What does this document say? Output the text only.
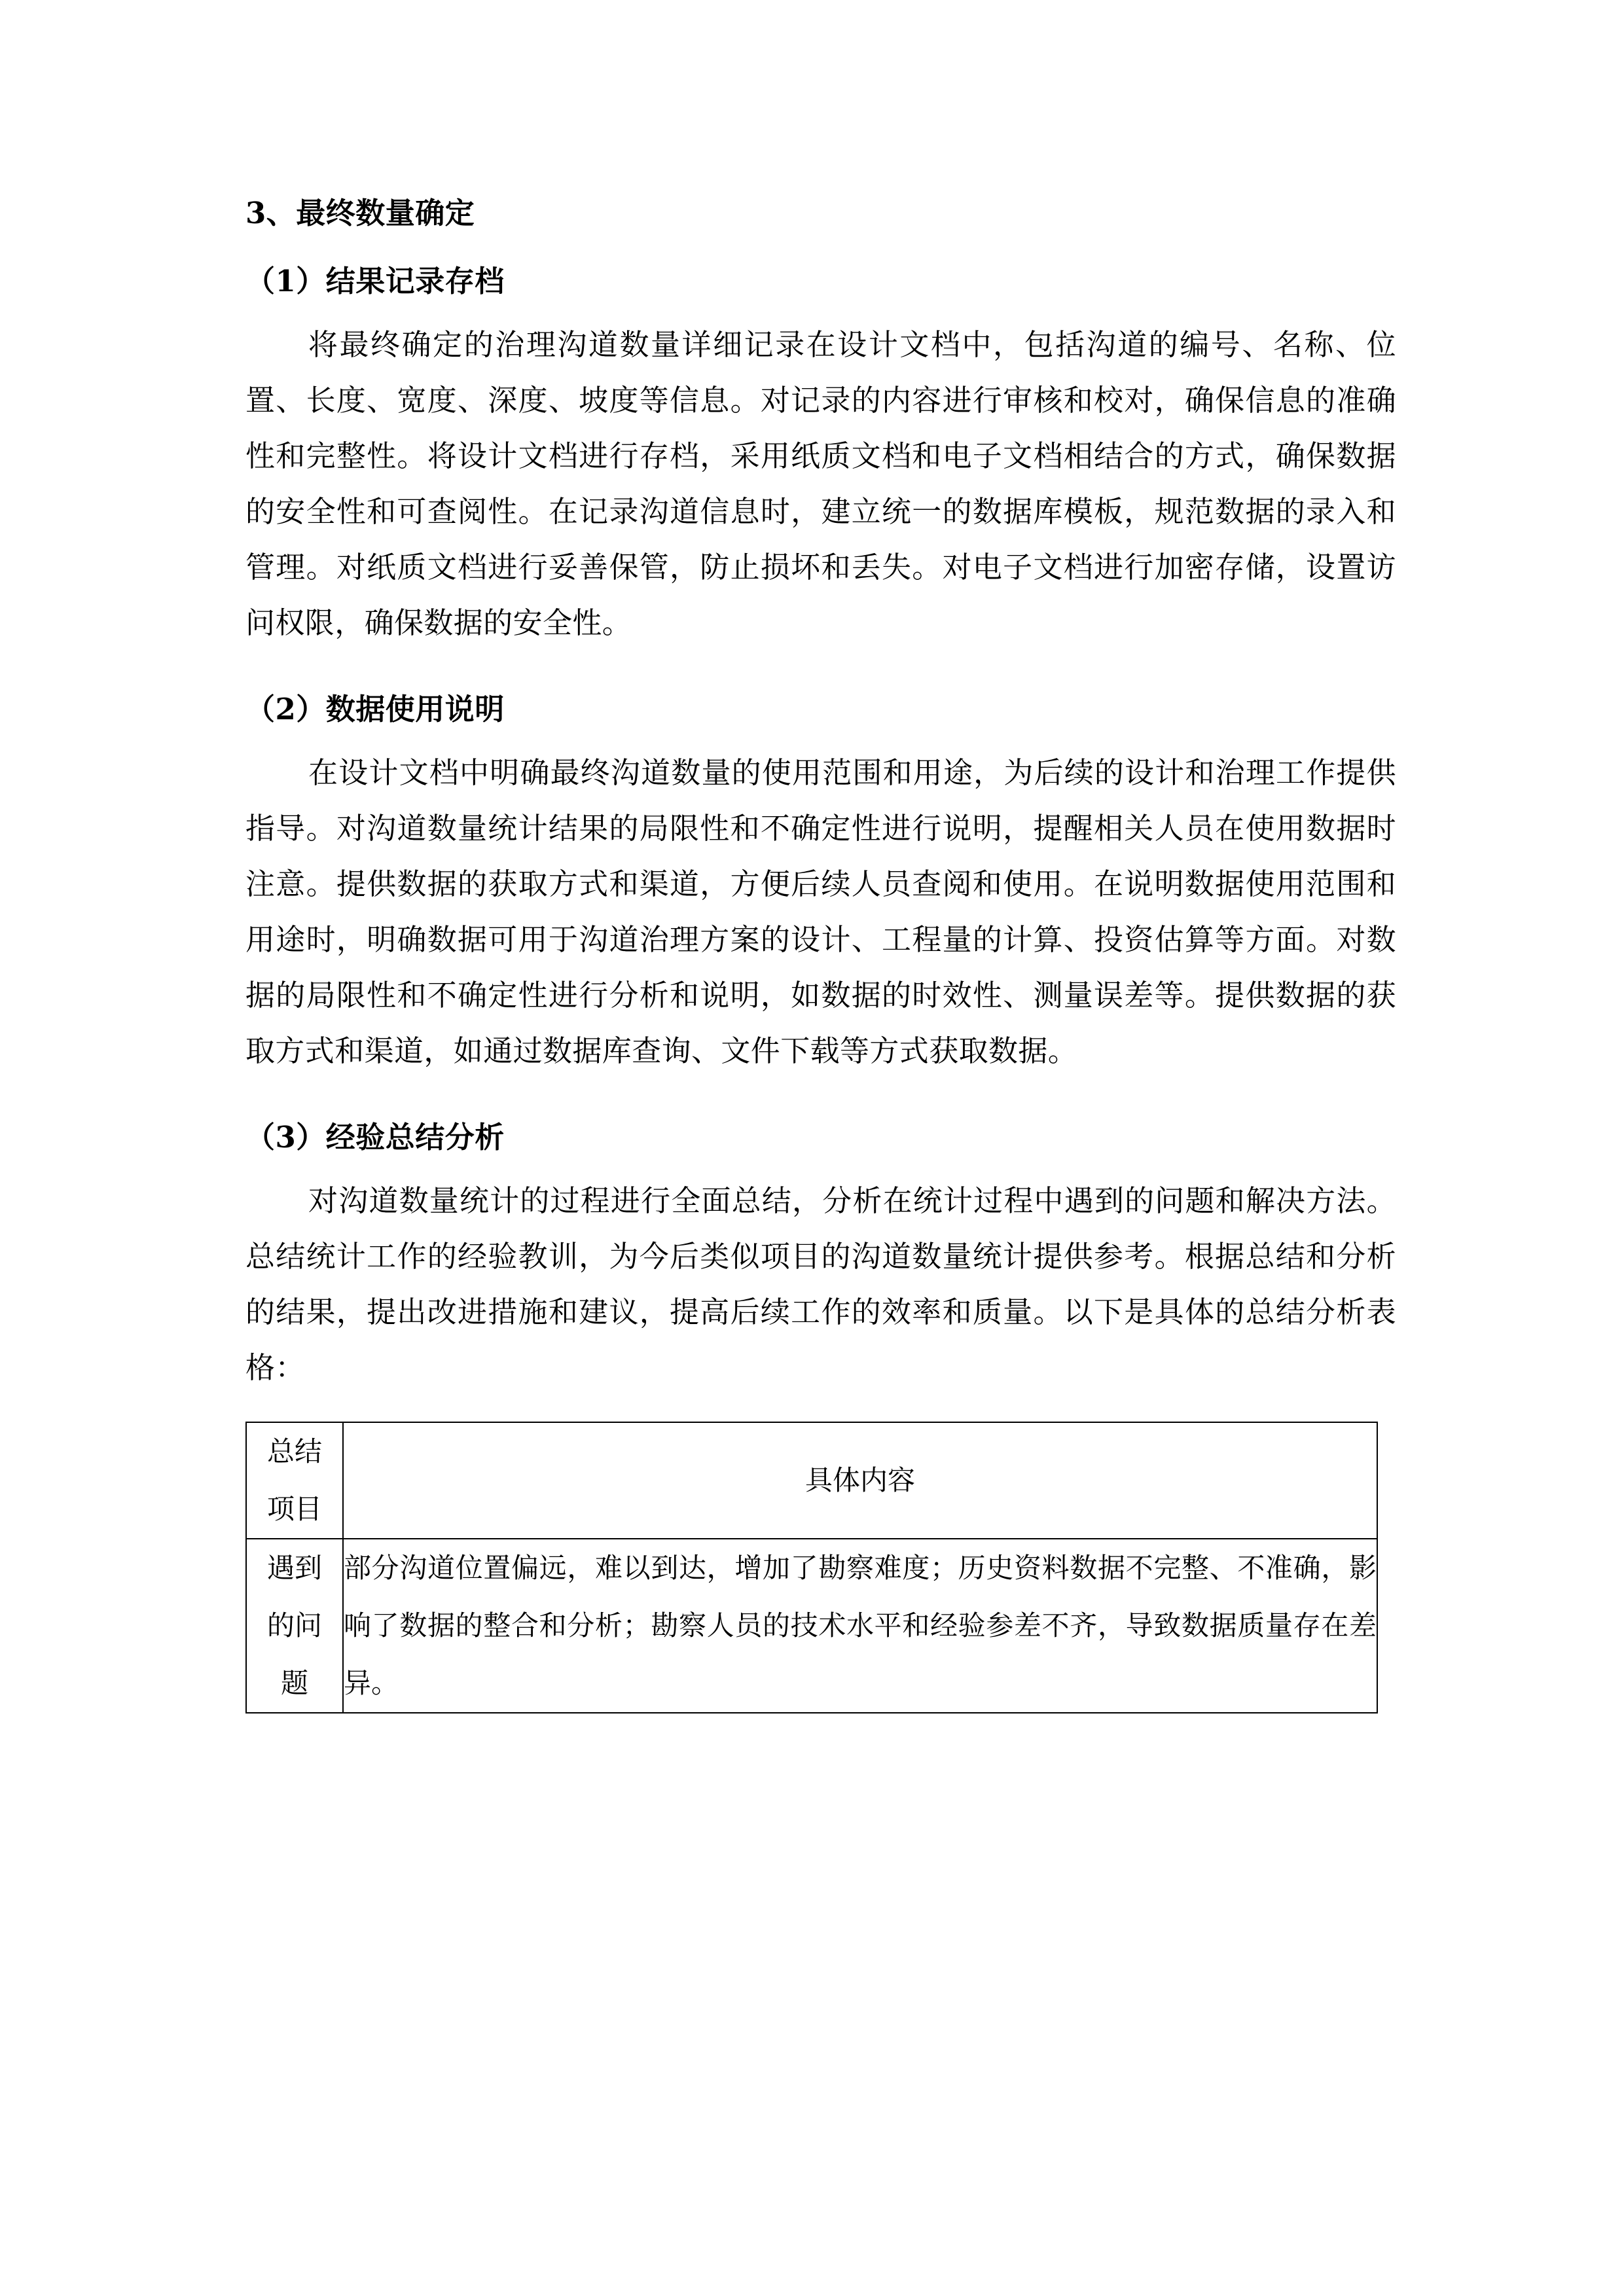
3、最终数量确定
（1）结果记录存档

将最终确定的治理沟道数量详细记录在设计文档中，包括沟道的编号、名称、位置、长度、宽度、深度、坡度等信息。对记录的内容进行审核和校对，确保信息的准确性和完整性。将设计文档进行存档，采用纸质文档和电子文档相结合的方式，确保数据的安全性和可查阅性。在记录沟道信息时，建立统一的数据库模板，规范数据的录入和管理。对纸质文档进行妥善保管，防止损坏和丢失。对电子文档进行加密存储，设置访问权限，确保数据的安全性。

（2）数据使用说明

在设计文档中明确最终沟道数量的使用范围和用途，为后续的设计和治理工作提供指导。对沟道数量统计结果的局限性和不确定性进行说明，提醒相关人员在使用数据时注意。提供数据的获取方式和渠道，方便后续人员查阅和使用。在说明数据使用范围和用途时，明确数据可用于沟道治理方案的设计、工程量的计算、投资估算等方面。对数据的局限性和不确定性进行分析和说明，如数据的时效性、测量误差等。提供数据的获取方式和渠道，如通过数据库查询、文件下载等方式获取数据。

（3）经验总结分析

对沟道数量统计的过程进行全面总结，分析在统计过程中遇到的问题和解决方法。总结统计工作的经验教训，为今后类似项目的沟道数量统计提供参考。根据总结和分析的结果，提出改进措施和建议，提高后续工作的效率和质量。以下是具体的总结分析表格：

总结
项目	具体内容

遇到
的问
题	部分沟道位置偏远，难以到达，增加了勘察难度；历史资料数据不完整、不准确，影响了数据的整合和分析；勘察人员的技术水平和经验参差不齐，导致数据质量存在差异。
